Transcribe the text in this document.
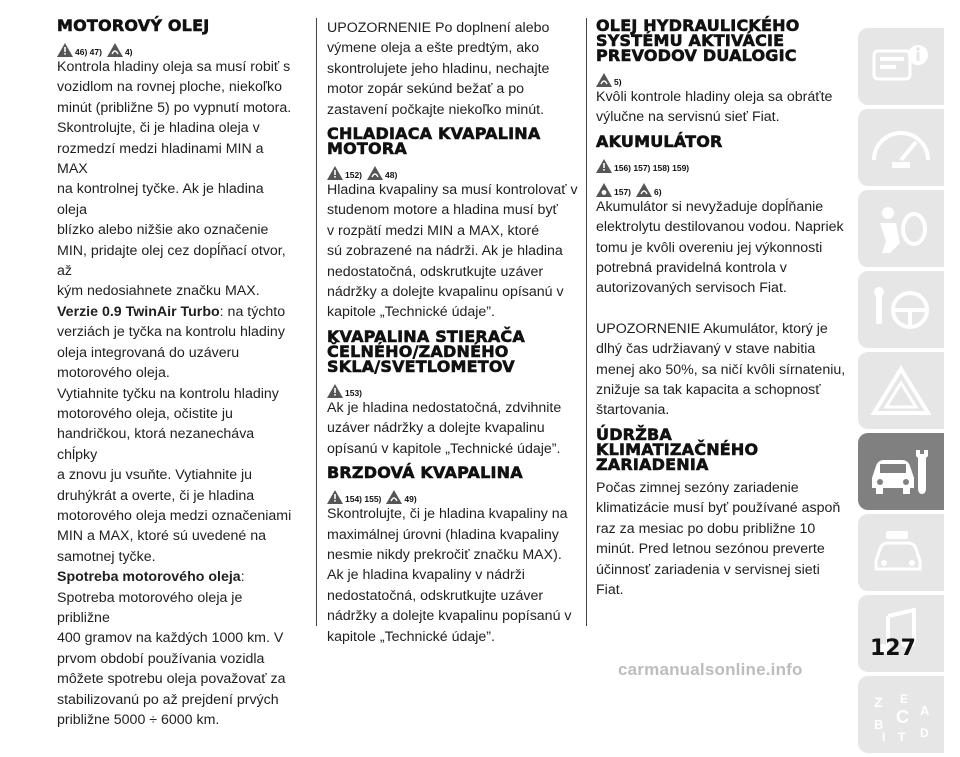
MOTOROVÝ OLEJ
46) 47)	4)

Kontrola hladiny oleja sa musí robiť s
vozidlom na rovnej ploche, niekoľko
minút (približne 5) po vypnutí motora.
Skontrolujte, či je hladina oleja v
rozmedzí medzi hladinami MIN a MAX
na kontrolnej tyčke. Ak je hladina oleja
blízko alebo nižšie ako označenie
MIN, pridajte olej cez dopĺňací otvor, až
kým nedosiahnete značku MAX.
Verzie 0.9 TwinAir Turbo: na týchto
verziách je tyčka na kontrolu hladiny
oleja integrovaná do uzáveru
motorového oleja.
Vytiahnite tyčku na kontrolu hladiny
motorového oleja, očistite ju
handričkou, ktorá nezanecháva chĺpky
a znovu ju vsuňte. Vytiahnite ju
druhýkrát a overte, či je hladina
motorového oleja medzi označeniami
MIN a MAX, ktoré sú uvedené na
samotnej tyčke.
Spotreba motorového oleja:
Spotreba motorového oleja je približne
400 gramov na každých 1000 km. V
prvom období používania vozidla
môžete spotrebu oleja považovať za
stabilizovanú po až prejdení prvých
približne 5000 ÷ 6000 km.

UPOZORNENIE Po doplnení alebo
výmene oleja a ešte predtým, ako
skontrolujete jeho hladinu, nechajte
motor zopár sekúnd bežať a po
zastavení počkajte niekoľko minút.

CHLADIACA KVAPALINA
MOTORA
152)	48)

Hladina kvapaliny sa musí kontrolovať v
studenom motore a hladina musí byť
v rozpätí medzi MIN a MAX, ktoré
sú zobrazené na nádrži. Ak je hladina
nedostatočná, odskrutkujte uzáver
nádržky a dolejte kvapalinu opísanú v
kapitole „Technické údaje”.

KVAPALINA STIERAČA
ČELNÉHO/ZADNÉHO
SKLA/SVETLOMETOV
153)

Ak je hladina nedostatočná, zdvihnite
uzáver nádržky a dolejte kvapalinu
opísanú v kapitole „Technické údaje”.

BRZDOVÁ KVAPALINA
154) 155)	49)

Skontrolujte, či je hladina kvapaliny na
maximálnej úrovni (hladina kvapaliny
nesmie nikdy prekročiť značku MAX).
Ak je hladina kvapaliny v nádrži
nedostatočná, odskrutkujte uzáver
nádržky a dolejte kvapalinu popísanú v
kapitole „Technické údaje”.

OLEJ HYDRAULICKÉHO
SYSTÉMU AKTIVÁCIE
PREVODOV DUALOGIC
5)

Kvôli kontrole hladiny oleja sa obráťte
výlučne na servisnú sieť Fiat.

AKUMULÁTOR
156) 157) 158) 159)
157)	6)

Akumulátor si nevyžaduje dopĺňanie
elektrolytu destilovanou vodou. Napriek
tomu je kvôli overeniu jej výkonnosti
potrebná pravidelná kontrola v
autorizovaných servisoch Fiat.

UPOZORNENIE Akumulátor, ktorý je
dlhý čas udržiavaný v stave nabitia
menej ako 50%, sa ničí kvôli sírnateniu,
znižuje sa tak kapacita a schopnosť
štartovania.

ÚDRŽBA
KLIMATIZAČNÉHO
ZARIADENIA

Počas zimnej sezóny zariadenie
klimatizácie musí byť používané aspoň
raz za mesiac po dobu približne 10
minút. Pred letnou sezónou preverte
účinnosť zariadenia v servisnej sieti Fiat.

Z E
A
B C
D
I T
127
carmanualsonline.info
